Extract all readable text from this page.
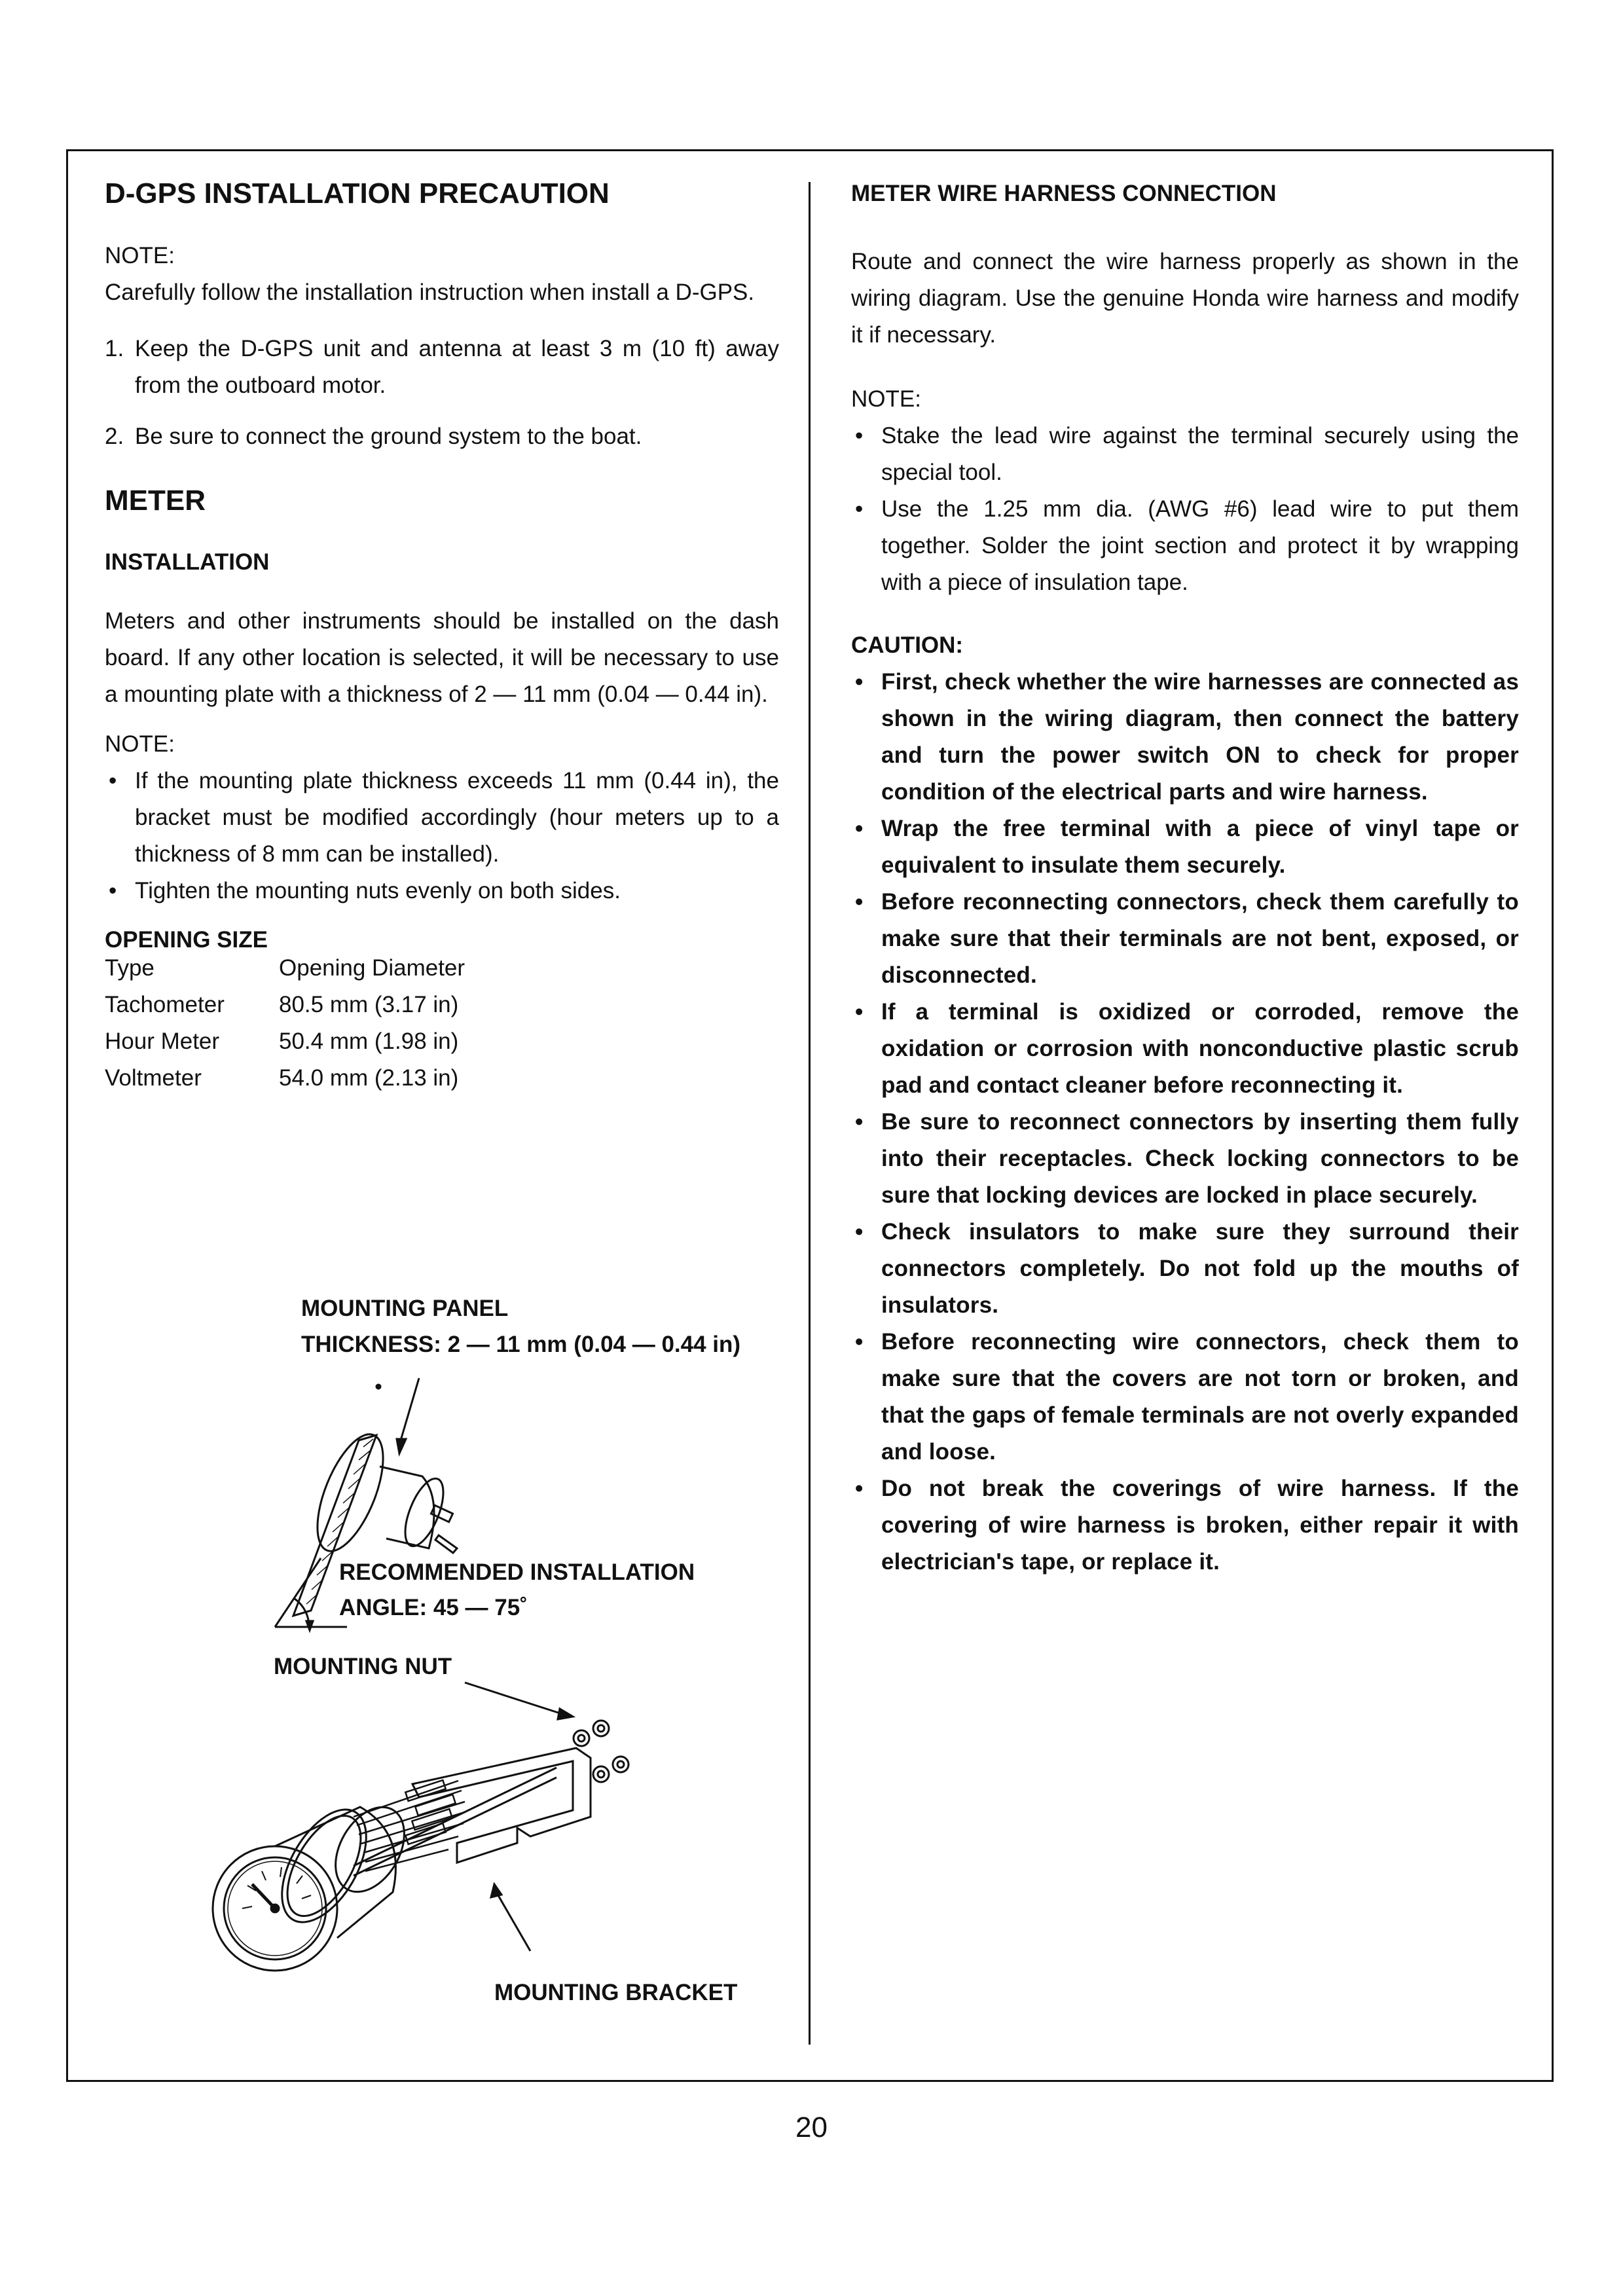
D-GPS INSTALLATION PRECAUTION

NOTE:

Carefully follow the installation instruction when install a D-GPS.

1. Keep the D-GPS unit and antenna at least 3 m (10 ft) away from the outboard motor.
2. Be sure to connect the ground system to the boat.
METER
INSTALLATION

Meters and other instruments should be installed on the dash board. If any other location is selected, it will be necessary to use a mounting plate with a thickness of 2 — 11 mm (0.04 — 0.44 in).

NOTE:

• If the mounting plate thickness exceeds 11 mm (0.44 in), the bracket must be modified accordingly (hour meters up to a thickness of 8 mm can be installed).
• Tighten the mounting nuts evenly on both sides.
OPENING SIZE
Type	Opening Diameter
Tachometer	80.5 mm (3.17 in)
Hour Meter	50.4 mm (1.98 in)
Voltmeter	54.0 mm (2.13 in)
MOUNTING PANEL
THICKNESS: 2 — 11 mm (0.04 — 0.44 in)
RECOMMENDED INSTALLATION
ANGLE: 45 — 75˚
MOUNTING NUT
MOUNTING BRACKET
METER WIRE HARNESS CONNECTION

Route and connect the wire harness properly as shown in the wiring diagram. Use the genuine Honda wire harness and modify it if necessary.

NOTE:

• Stake the lead wire against the terminal securely using the special tool.
• Use the 1.25 mm dia. (AWG #6) lead wire to put them together. Solder the joint section and protect it by wrapping with a piece of insulation tape.

CAUTION:

• First, check whether the wire harnesses are connected as shown in the wiring diagram, then connect the battery and turn the power switch ON to check for proper condition of the electrical parts and wire harness.
• Wrap the free terminal with a piece of vinyl tape or equivalent to insulate them securely.
• Before reconnecting connectors, check them carefully to make sure that their terminals are not bent, exposed, or disconnected.
• If a terminal is oxidized or corroded, remove the oxidation or corrosion with nonconductive plastic scrub pad and contact cleaner before reconnecting it.
• Be sure to reconnect connectors by inserting them fully into their receptacles. Check locking connectors to be sure that locking devices are locked in place securely.
• Check insulators to make sure they surround their connectors completely. Do not fold up the mouths of insulators.
• Before reconnecting wire connectors, check them to make sure that the covers are not torn or broken, and that the gaps of female terminals are not overly expanded and loose.
• Do not break the coverings of wire harness. If the covering of wire harness is broken, either repair it with electrician's tape, or replace it.
20
